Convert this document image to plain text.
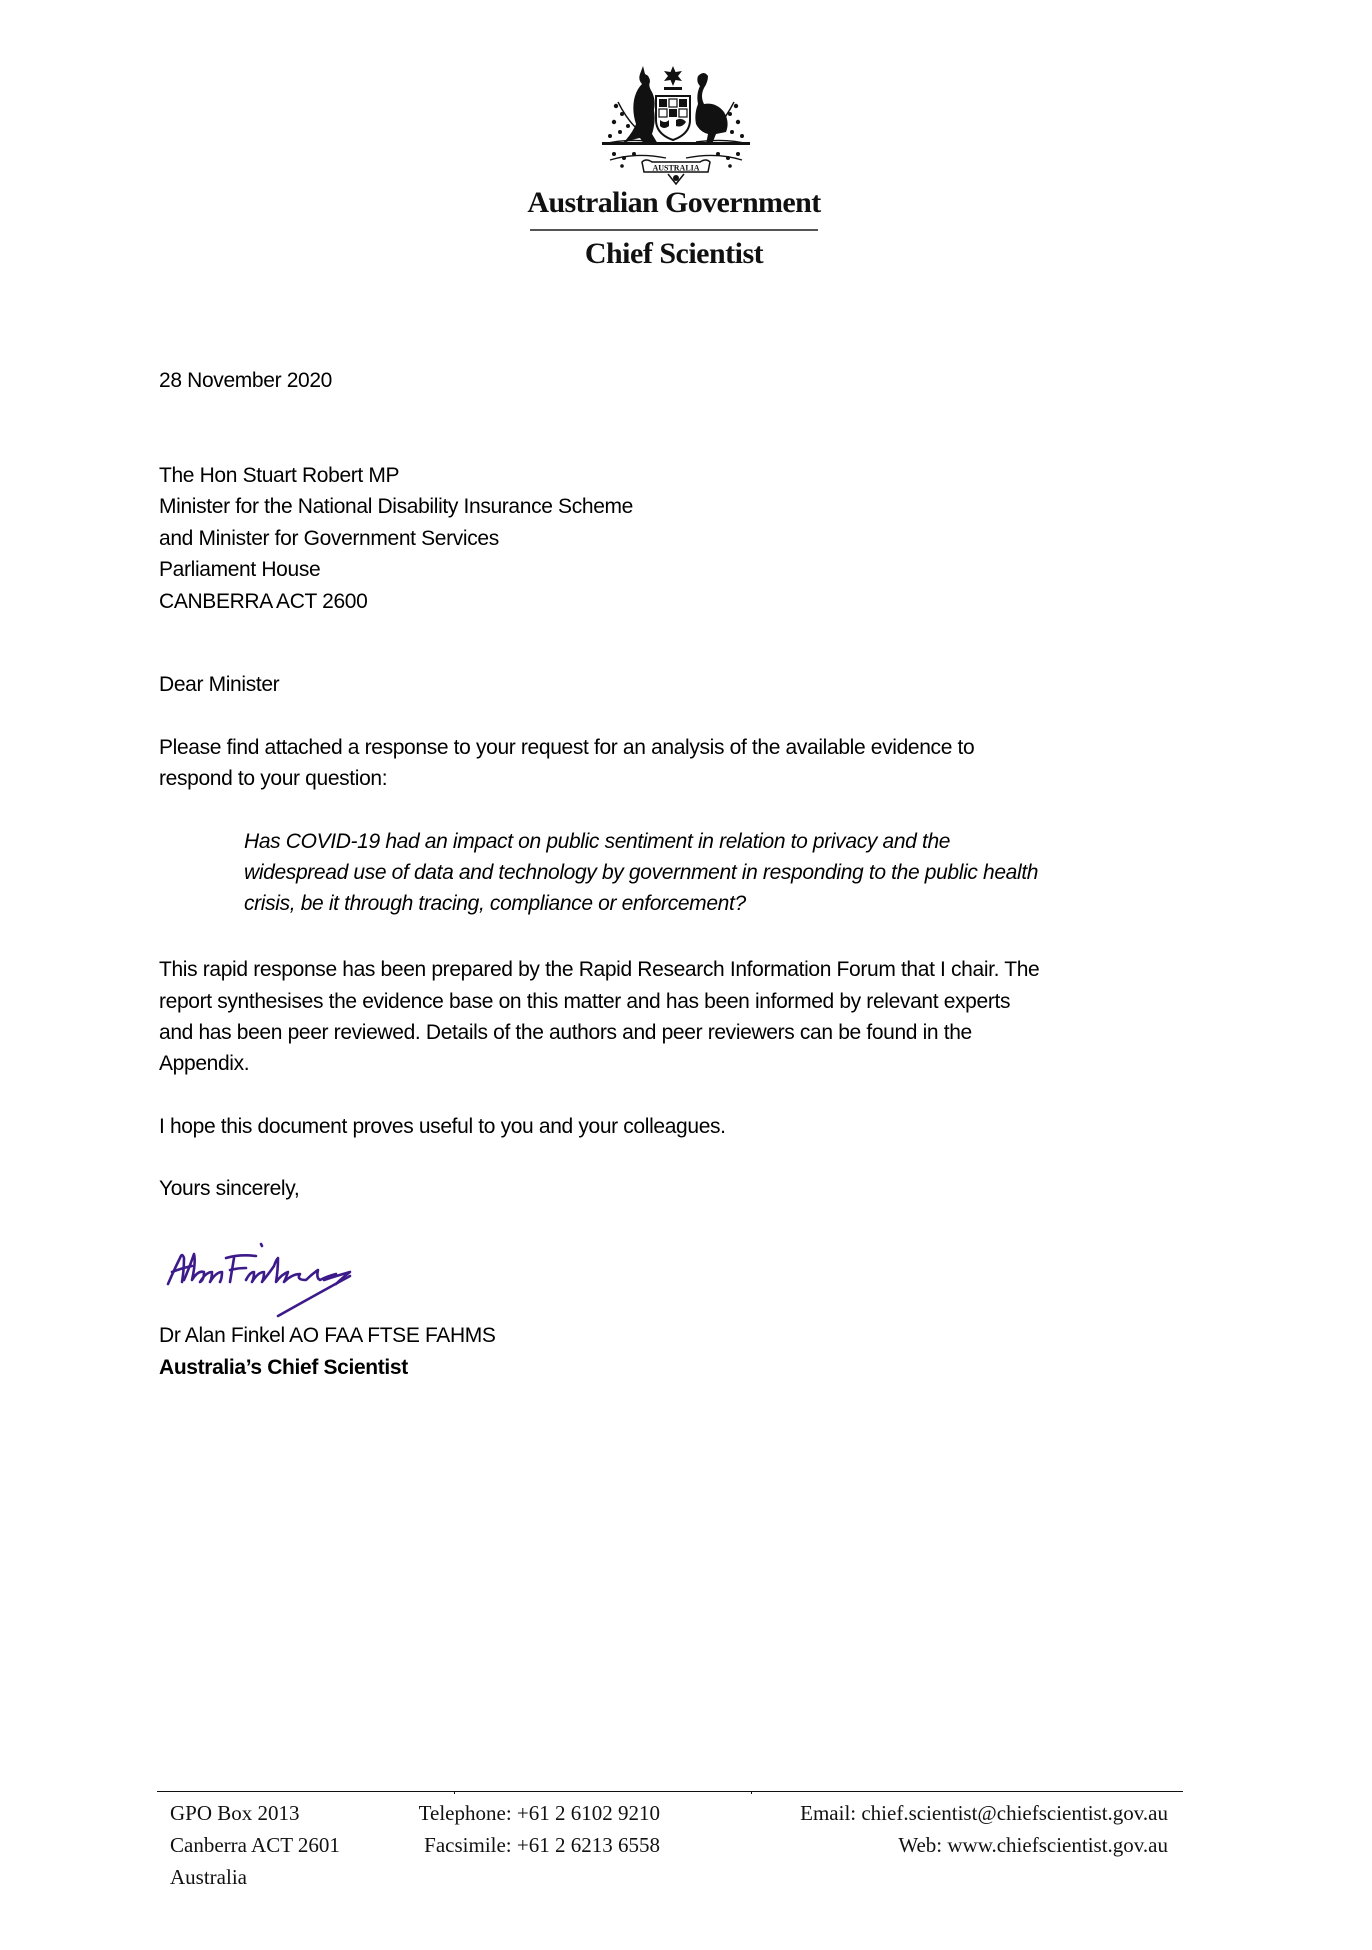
AUSTRALIA
Australian Government
Chief Scientist
28 November 2020
The Hon Stuart Robert MP
Minister for the National Disability Insurance Scheme
and Minister for Government Services
Parliament House
CANBERRA ACT 2600
Dear Minister
Please find attached a response to your request for an analysis of the available evidence to
respond to your question:
Has COVID-19 had an impact on public sentiment in relation to privacy and the
widespread use of data and technology by government in responding to the public health
crisis, be it through tracing, compliance or enforcement?
This rapid response has been prepared by the Rapid Research Information Forum that I chair. The
report synthesises the evidence base on this matter and has been informed by relevant experts
and has been peer reviewed. Details of the authors and peer reviewers can be found in the
Appendix.
I hope this document proves useful to you and your colleagues.
Yours sincerely,
Dr Alan Finkel AO FAA FTSE FAHMS
Australia’s Chief Scientist
GPO Box 2013
Canberra ACT 2601
Australia
Telephone: +61 2 6102 9210
Facsimile: +61 2 6213 6558
Email: chief.scientist@chiefscientist.gov.au
Web: www.chiefscientist.gov.au
